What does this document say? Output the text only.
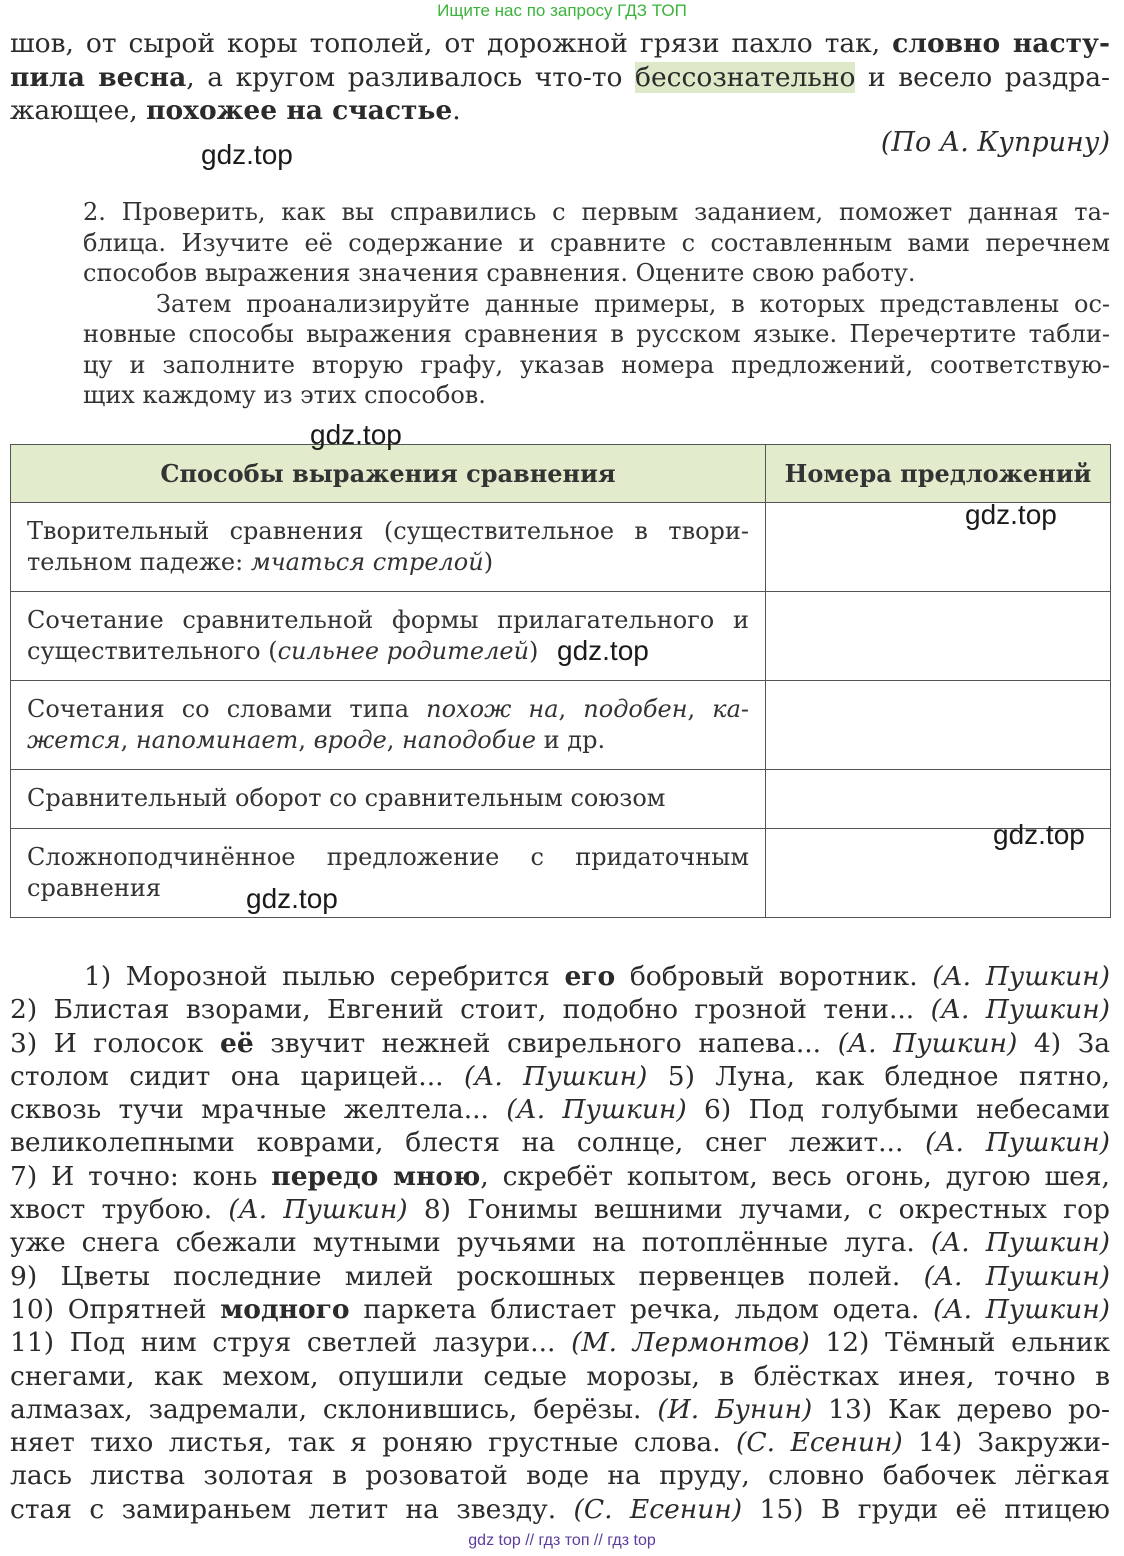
Ищите нас по запросу ГДЗ ТОП
шов, от сырой коры тополей, от дорожной грязи пахло так, словно насту-
пила весна, а кругом разливалось что-то бессознательно и весело раздра-
жающее, похожее на счастье.
(По А. Куприну)
gdz.top
2. Проверить, как вы справились с первым заданием, поможет данная та-
блица. Изучите её содержание и сравните с составленным вами перечнем
способов выражения значения сравнения. Оцените свою работу.
Затем проанализируйте данные примеры, в которых представлены ос-
новные способы выражения сравнения в русском языке. Перечертите табли-
цу и заполните вторую графу, указав номера предложений, соответствую-
щих каждому из этих способов.
Способы выражения сравнения	Номера предложений

Творительный сравнения (существительное в твори-
тельном падеже: мчаться стрелой)	

Сочетание сравнительной формы прилагательного и
существительного (сильнее родителей)	

Сочетания со словами типа похож на, подобен, ка-
жется, напоминает, вроде, наподобие и др.	

Сравнительный оборот со сравнительным союзом	

Сложноподчинённое предложение с придаточным
сравнения	

gdz.top
gdz.top
gdz.top
gdz.top
gdz.top
1) Морозной пылью серебрится его бобровый воротник. (А. Пушкин)
2) Блистая взорами, Евгений стоит, подобно грозной тени... (А. Пушкин)
3) И голосок её звучит нежней свирельного напева... (А. Пушкин) 4) За
столом сидит она царицей... (А. Пушкин) 5) Луна, как бледное пятно,
сквозь тучи мрачные желтела... (А. Пушкин) 6) Под голубыми небесами
великолепными коврами, блестя на солнце, снег лежит... (А. Пушкин)
7) И точно: конь передо мною, скребёт копытом, весь огонь, дугою шея,
хвост трубою. (А. Пушкин) 8) Гонимы вешними лучами, с окрестных гор
уже снега сбежали мутными ручьями на потоплённые луга. (А. Пушкин)
9) Цветы последние милей роскошных первенцев полей. (А. Пушкин)
10) Опрятней модного паркета блистает речка, льдом одета. (А. Пушкин)
11) Под ним струя светлей лазури... (М. Лермонтов) 12) Тёмный ельник
снегами, как мехом, опушили седые морозы, в блёстках инея, точно в
алмазах, задремали, склонившись, берёзы. (И. Бунин) 13) Как дерево ро-
няет тихо листья, так я роняю грустные слова. (С. Есенин) 14) Закружи-
лась листва золотая в розоватой воде на пруду, словно бабочек лёгкая
стая с замираньем летит на звезду. (С. Есенин) 15) В груди её птицею
gdz top // гдз топ // гдз top
